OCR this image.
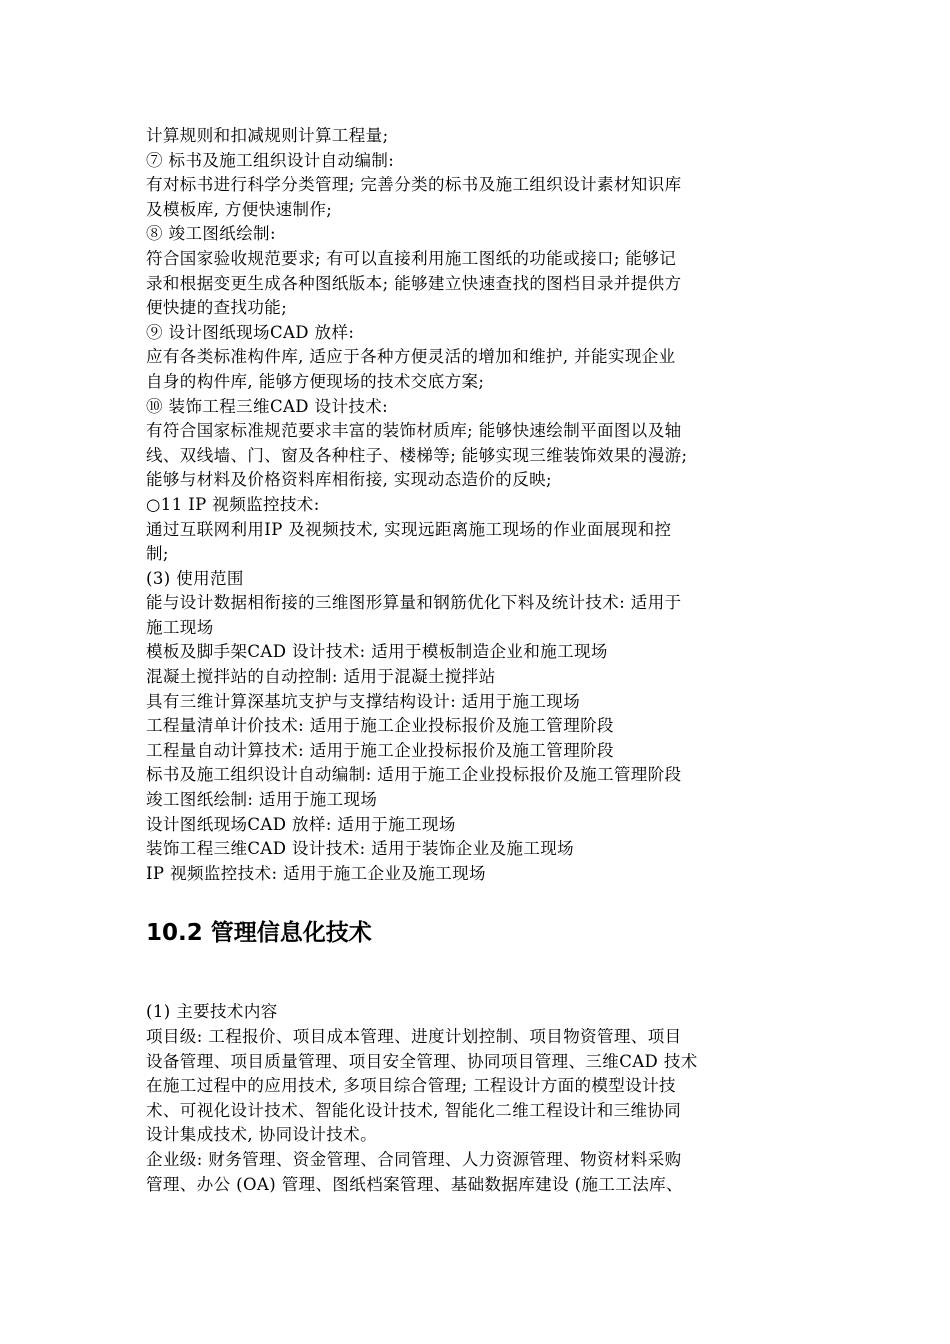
计算规则和扣减规则计算工程量;
⑦ 标书及施工组织设计自动编制:
有对标书进行科学分类管理; 完善分类的标书及施工组织设计素材知识库
及模板库, 方便快速制作;
⑧ 竣工图纸绘制:
符合国家验收规范要求; 有可以直接利用施工图纸的功能或接口; 能够记
录和根据变更生成各种图纸版本; 能够建立快速查找的图档目录并提供方
便快捷的查找功能;
⑨ 设计图纸现场CAD 放样:
应有各类标准构件库, 适应于各种方便灵活的增加和维护, 并能实现企业
自身的构件库, 能够方便现场的技术交底方案;
⑩ 装饰工程三维CAD 设计技术:
有符合国家标准规范要求丰富的装饰材质库; 能够快速绘制平面图以及轴
线、双线墙、门、窗及各种柱子、楼梯等; 能够实现三维装饰效果的漫游;
能够与材料及价格资料库相衔接, 实现动态造价的反映;
○11 IP 视频监控技术:
通过互联网利用IP 及视频技术, 实现远距离施工现场的作业面展现和控
制;
(3) 使用范围
能与设计数据相衔接的三维图形算量和钢筋优化下料及统计技术: 适用于
施工现场
模板及脚手架CAD 设计技术: 适用于模板制造企业和施工现场
混凝土搅拌站的自动控制: 适用于混凝土搅拌站
具有三维计算深基坑支护与支撑结构设计: 适用于施工现场
工程量清单计价技术: 适用于施工企业投标报价及施工管理阶段
工程量自动计算技术: 适用于施工企业投标报价及施工管理阶段
标书及施工组织设计自动编制: 适用于施工企业投标报价及施工管理阶段
竣工图纸绘制: 适用于施工现场
设计图纸现场CAD 放样: 适用于施工现场
装饰工程三维CAD 设计技术: 适用于装饰企业及施工现场
IP 视频监控技术: 适用于施工企业及施工现场
10.2 管理信息化技术
(1) 主要技术内容
项目级: 工程报价、项目成本管理、进度计划控制、项目物资管理、项目
设备管理、项目质量管理、项目安全管理、协同项目管理、三维CAD 技术
在施工过程中的应用技术, 多项目综合管理; 工程设计方面的模型设计技
术、可视化设计技术、智能化设计技术, 智能化二维工程设计和三维协同
设计集成技术, 协同设计技术。
企业级: 财务管理、资金管理、合同管理、人力资源管理、物资材料采购
管理、办公 (OA) 管理、图纸档案管理、基础数据库建设 (施工工法库、
